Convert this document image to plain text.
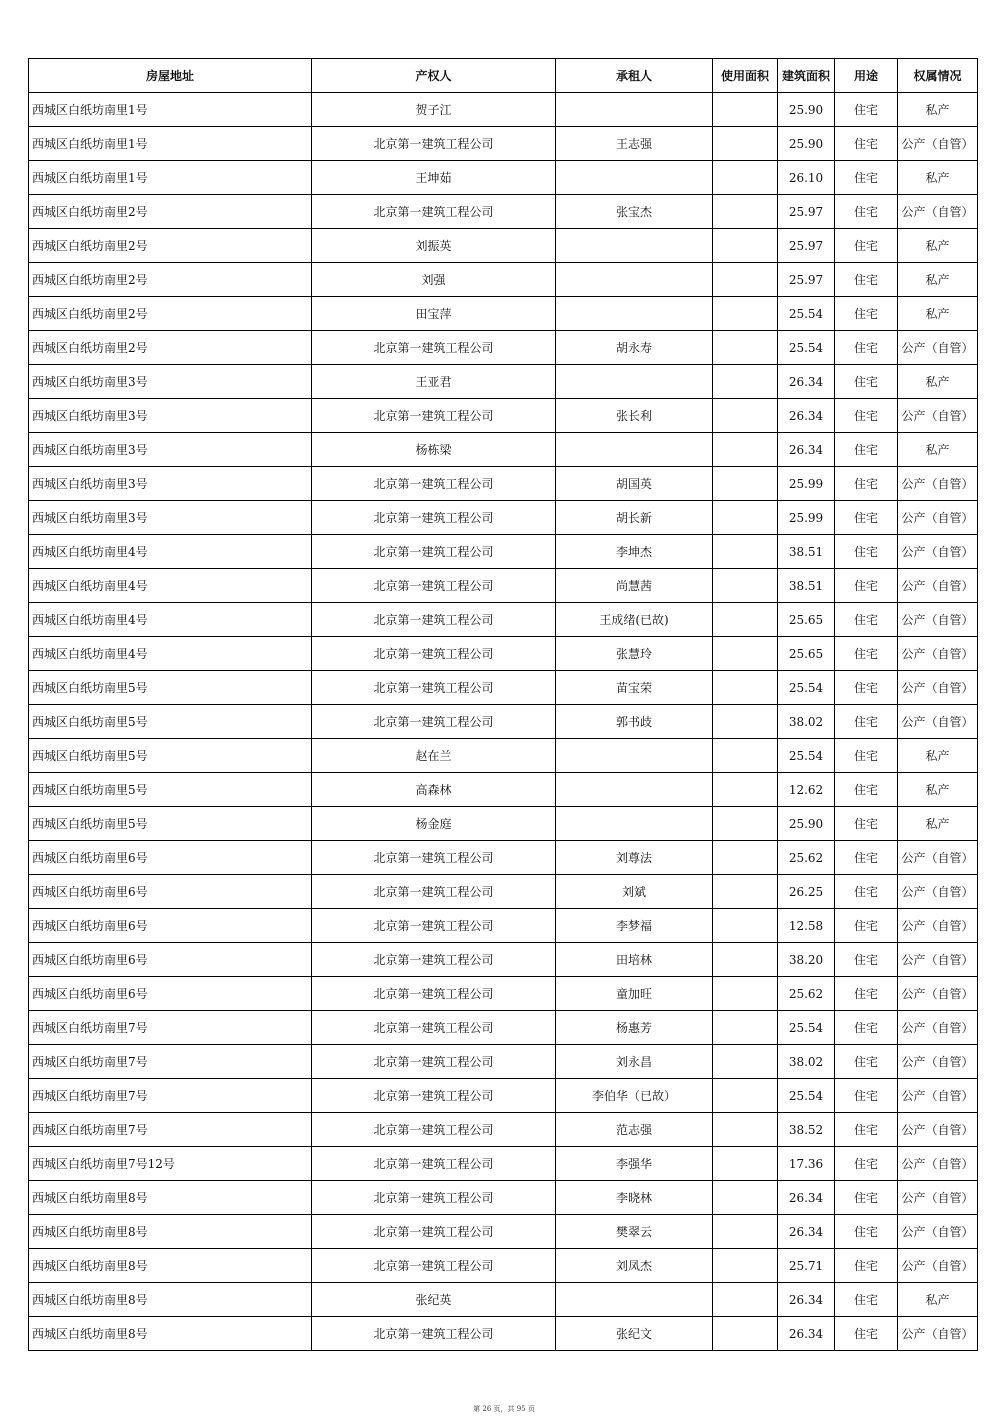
房屋地址	产权人	承租人	使用面积	建筑面积	用途	权属情况
西城区白纸坊南里1号	贺子江			25.90	住宅	私产
西城区白纸坊南里1号	北京第一建筑工程公司	王志强		25.90	住宅	公产（自管）
西城区白纸坊南里1号	王坤茹			26.10	住宅	私产
西城区白纸坊南里2号	北京第一建筑工程公司	张宝杰		25.97	住宅	公产（自管）
西城区白纸坊南里2号	刘振英			25.97	住宅	私产
西城区白纸坊南里2号	刘强			25.97	住宅	私产
西城区白纸坊南里2号	田宝萍			25.54	住宅	私产
西城区白纸坊南里2号	北京第一建筑工程公司	胡永寿		25.54	住宅	公产（自管）
西城区白纸坊南里3号	王亚君			26.34	住宅	私产
西城区白纸坊南里3号	北京第一建筑工程公司	张长利		26.34	住宅	公产（自管）
西城区白纸坊南里3号	杨栋梁			26.34	住宅	私产
西城区白纸坊南里3号	北京第一建筑工程公司	胡国英		25.99	住宅	公产（自管）
西城区白纸坊南里3号	北京第一建筑工程公司	胡长新		25.99	住宅	公产（自管）
西城区白纸坊南里4号	北京第一建筑工程公司	李坤杰		38.51	住宅	公产（自管）
西城区白纸坊南里4号	北京第一建筑工程公司	尚慧茜		38.51	住宅	公产（自管）
西城区白纸坊南里4号	北京第一建筑工程公司	王成绪(已故)		25.65	住宅	公产（自管）
西城区白纸坊南里4号	北京第一建筑工程公司	张慧玲		25.65	住宅	公产（自管）
西城区白纸坊南里5号	北京第一建筑工程公司	苗宝荣		25.54	住宅	公产（自管）
西城区白纸坊南里5号	北京第一建筑工程公司	郭书歧		38.02	住宅	公产（自管）
西城区白纸坊南里5号	赵在兰			25.54	住宅	私产
西城区白纸坊南里5号	高森林			12.62	住宅	私产
西城区白纸坊南里5号	杨金庭			25.90	住宅	私产
西城区白纸坊南里6号	北京第一建筑工程公司	刘尊法		25.62	住宅	公产（自管）
西城区白纸坊南里6号	北京第一建筑工程公司	刘斌		26.25	住宅	公产（自管）
西城区白纸坊南里6号	北京第一建筑工程公司	李梦福		12.58	住宅	公产（自管）
西城区白纸坊南里6号	北京第一建筑工程公司	田培林		38.20	住宅	公产（自管）
西城区白纸坊南里6号	北京第一建筑工程公司	童加旺		25.62	住宅	公产（自管）
西城区白纸坊南里7号	北京第一建筑工程公司	杨惠芳		25.54	住宅	公产（自管）
西城区白纸坊南里7号	北京第一建筑工程公司	刘永昌		38.02	住宅	公产（自管）
西城区白纸坊南里7号	北京第一建筑工程公司	李伯华（已故）		25.54	住宅	公产（自管）
西城区白纸坊南里7号	北京第一建筑工程公司	范志强		38.52	住宅	公产（自管）
西城区白纸坊南里7号12号	北京第一建筑工程公司	李强华		17.36	住宅	公产（自管）
西城区白纸坊南里8号	北京第一建筑工程公司	李晓林		26.34	住宅	公产（自管）
西城区白纸坊南里8号	北京第一建筑工程公司	樊翠云		26.34	住宅	公产（自管）
西城区白纸坊南里8号	北京第一建筑工程公司	刘凤杰		25.71	住宅	公产（自管）
西城区白纸坊南里8号	张纪英			26.34	住宅	私产
西城区白纸坊南里8号	北京第一建筑工程公司	张纪文		26.34	住宅	公产（自管）
第 26 页，共 95 页
